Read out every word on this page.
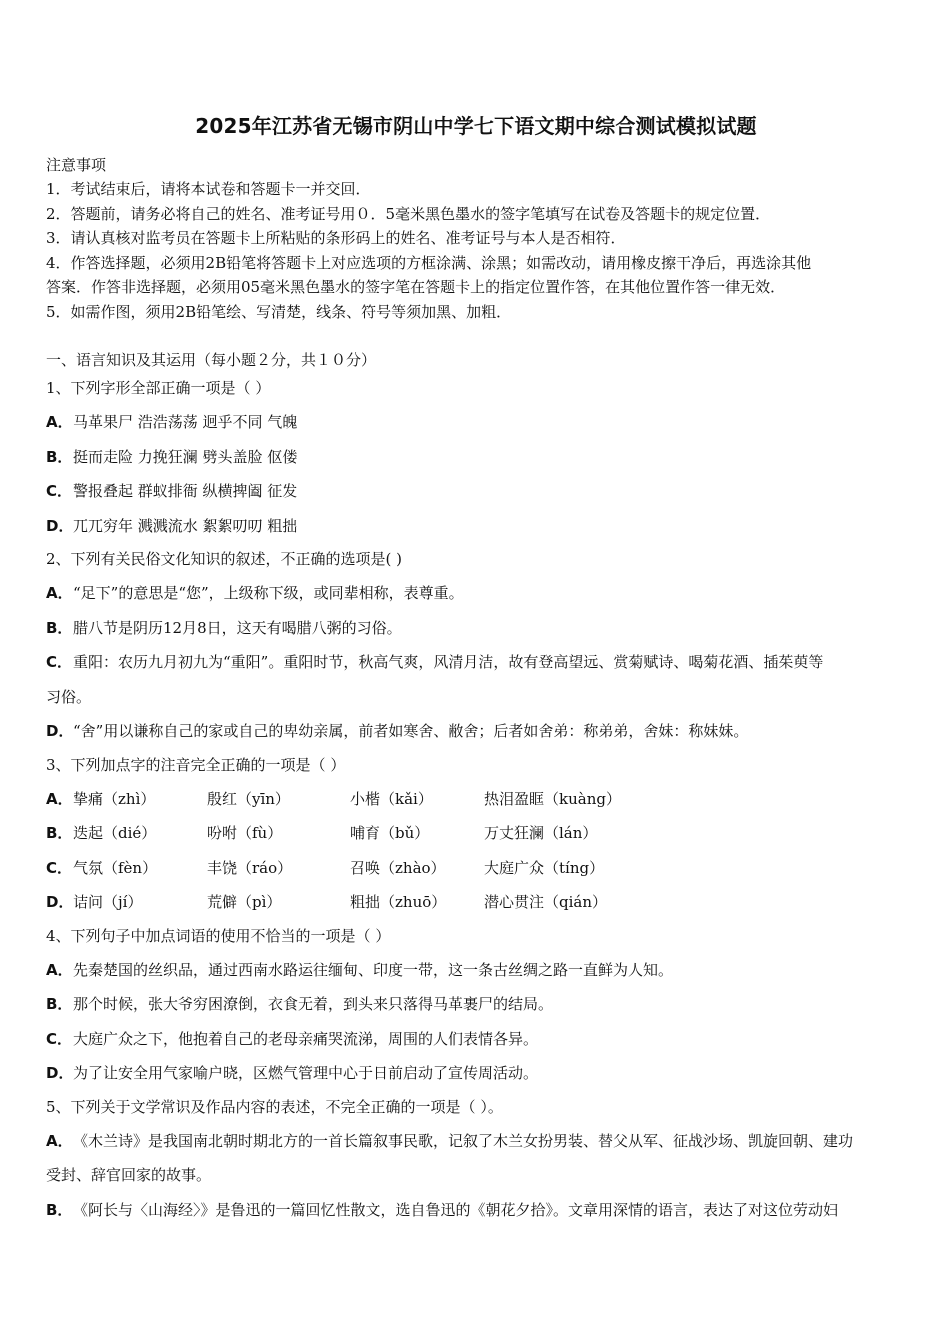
2025年江苏省无锡市阴山中学七下语文期中综合测试模拟试题
注意事项
1．考试结束后，请将本试卷和答题卡一并交回．
2．答题前，请务必将自己的姓名、准考证号用０．5毫米黑色墨水的签字笔填写在试卷及答题卡的规定位置．
3．请认真核对监考员在答题卡上所粘贴的条形码上的姓名、准考证号与本人是否相符．
4．作答选择题，必须用2B铅笔将答题卡上对应选项的方框涂满、涂黑；如需改动，请用橡皮擦干净后，再选涂其他
答案．作答非选择题，必须用05毫米黑色墨水的签字笔在答题卡上的指定位置作答，在其他位置作答一律无效．
5．如需作图，须用2B铅笔绘、写清楚，线条、符号等须加黑、加粗．
一、语言知识及其运用（每小题２分，共１０分）
1、下列字形全部正确一项是（ ）
A．马革果尸 浩浩荡荡 迥乎不同 气魄
B．挺而走险 力挽狂澜 劈头盖脸 伛偻
C．警报叠起 群蚁排衙 纵横捭阖 征发
D．兀兀穷年 溅溅流水 絮絮叨叨 粗拙
2、下列有关民俗文化知识的叙述，不正确的选项是( )
A．“足下”的意思是“您”，上级称下级，或同辈相称，表尊重。
B．腊八节是阴历12月8日，这天有喝腊八粥的习俗。
C．重阳：农历九月初九为“重阳”。重阳时节，秋高气爽，风清月洁，故有登高望远、赏菊赋诗、喝菊花酒、插茱萸等
习俗。
D．“舍”用以谦称自己的家或自己的卑幼亲属，前者如寒舍、敝舍；后者如舍弟：称弟弟，舍妹：称妹妹。
3、下列加点字的注音完全正确的一项是（ ）
A． 挚痛（zhì）	殷红（yīn）	小楷（kǎi）	热泪盈眶（kuàng）
B． 迭起（dié）	吩咐（fù）	哺育（bǔ）	万丈狂澜（lán）
C． 气氛（fèn）	丰饶（ráo）	召唤（zhào）	大庭广众（tíng）
D． 诘问（jí）	荒僻（pì）	粗拙（zhuō）	潜心贯注（qián）
4、下列句子中加点词语的使用不恰当的一项是（ ）
A．先秦楚国的丝织品，通过西南水路运往缅甸、印度一带，这一条古丝绸之路一直鲜为人知。
B．那个时候，张大爷穷困潦倒，衣食无着，到头来只落得马革裹尸的结局。
C．大庭广众之下，他抱着自己的老母亲痛哭流涕，周围的人们表情各异。
D．为了让安全用气家喻户晓，区燃气管理中心于日前启动了宣传周活动。
5、下列关于文学常识及作品内容的表述，不完全正确的一项是（ ）。
A．《木兰诗》是我国南北朝时期北方的一首长篇叙事民歌，记叙了木兰女扮男装、替父从军、征战沙场、凯旋回朝、建功
受封、辞官回家的故事。
B．《阿长与〈山海经〉》是鲁迅的一篇回忆性散文，选自鲁迅的《朝花夕拾》。文章用深情的语言，表达了对这位劳动妇
